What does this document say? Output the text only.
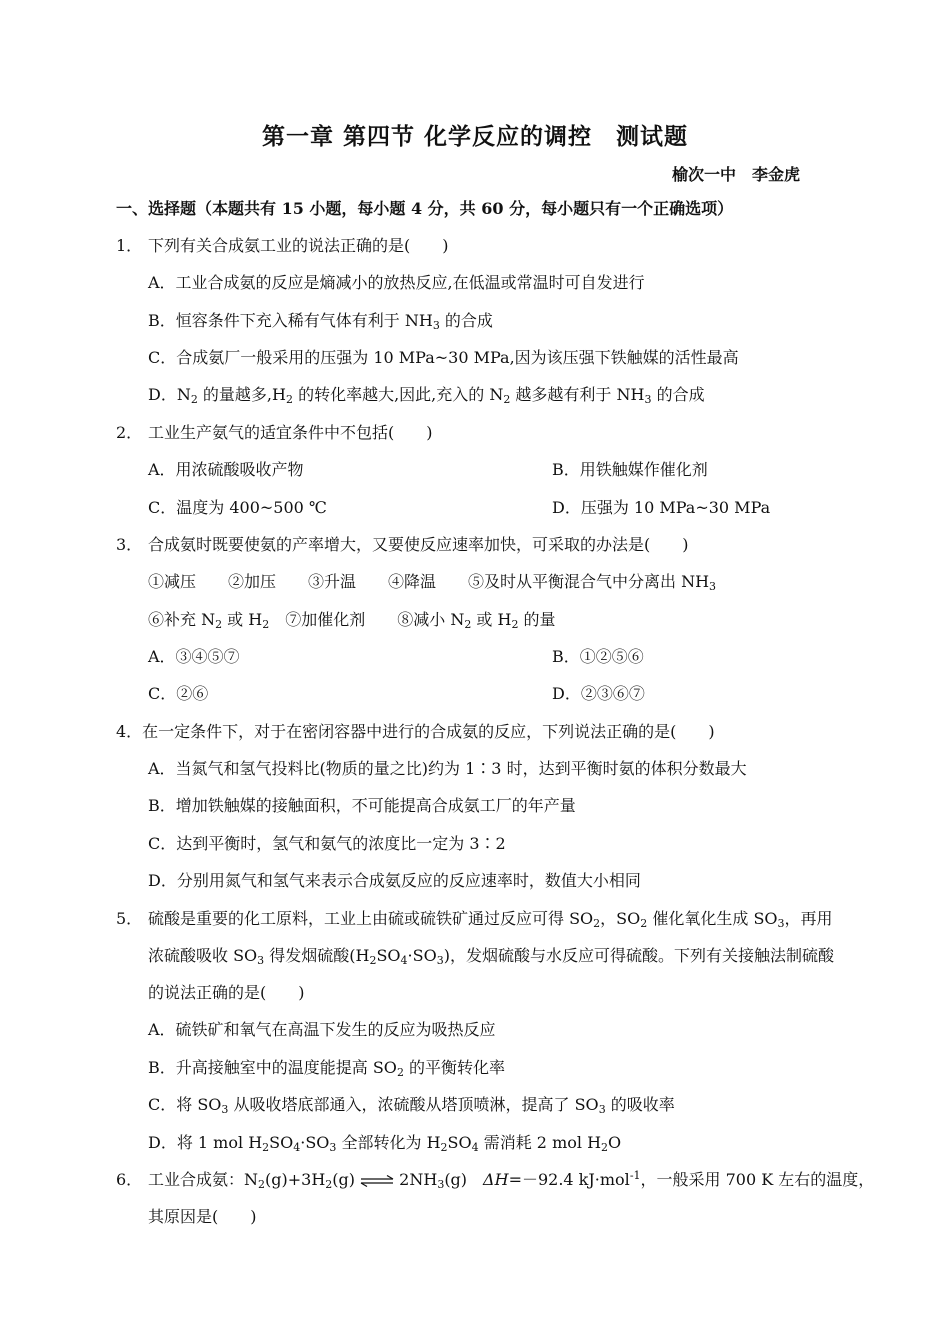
第一章 第四节 化学反应的调控　测试题
榆次一中　李金虎
一、选择题（本题共有 15 小题，每小题 4 分，共 60 分，每小题只有一个正确选项）
1． 下列有关合成氨工业的说法正确的是(　　)
A．工业合成氨的反应是熵减小的放热反应,在低温或常温时可自发进行
B．恒容条件下充入稀有气体有利于 $NH_3$ 的合成
C．合成氨厂一般采用的压强为 10 MPa~30 MPa,因为该压强下铁触媒的活性最高
D．$N_2$ 的量越多$,H_2$ 的转化率越大,因此,充入的 $N_2$ 越多越有利于 $NH_3$ 的合成
2． 工业生产氨气的适宜条件中不包括(　　)
A．用浓硫酸吸收产物	B．用铁触媒作催化剂
C．温度为 400~500 ℃	D．压强为 10 MPa~30 MPa
3． 合成氨时既要使氨的产率增大，又要使反应速率加快，可采取的办法是(　　)
①减压　　②加压　　③升温　　④降温　　⑤及时从平衡混合气中分离出 $NH_3$
⑥补充 $N_2$ 或 $H_2$　⑦加催化剂　　⑧减小 $N_2$ 或 $H_2$ 的量
A．③④⑤⑦	B．①②⑤⑥
C．②⑥	D．②③⑥⑦
4．在一定条件下，对于在密闭容器中进行的合成氨的反应，下列说法正确的是(　　)
A．当氮气和氢气投料比(物质的量之比)约为 1∶3 时，达到平衡时氨的体积分数最大
B．增加铁触媒的接触面积，不可能提高合成氨工厂的年产量
C．达到平衡时，氢气和氨气的浓度比一定为 3∶2
D．分别用氮气和氢气来表示合成氨反应的反应速率时，数值大小相同
5． 硫酸是重要的化工原料，工业上由硫或硫铁矿通过反应可得 $SO_2$，$SO_2$ 催化氧化生成 $SO_3$，再用
浓硫酸吸收 $SO_3$ 得发烟硫酸$(H_2SO_4\cdot SO_3)$，发烟硫酸与水反应可得硫酸。下列有关接触法制硫酸
的说法正确的是(　　)
A．硫铁矿和氧气在高温下发生的反应为吸热反应
B．升高接触室中的温度能提高 $SO_2$ 的平衡转化率
C．将 $SO_3$ 从吸收塔底部通入，浓硫酸从塔顶喷淋，提高了 $SO_3$ 的吸收率
D．将 1 mol $H_2SO_4\cdot SO_3$ 全部转化为 $H_2SO_4$ 需消耗 2 mol $H_2O$
6． 工业合成氨：$N_2(g)+3H_2(g)$ ⇌ $2NH_3(g)$　ΔH=－92.4 kJ·mol$^{-1}$，一般采用 700 K 左右的温度，
其原因是(　　)
